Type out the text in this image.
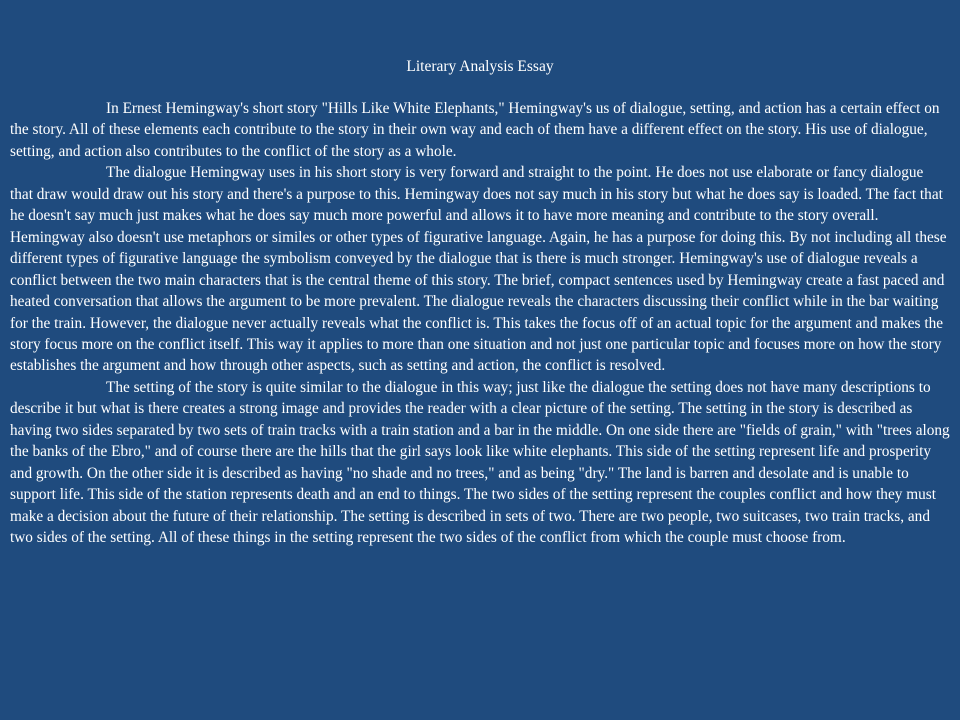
Literary Analysis Essay

In Ernest Hemingway's short story "Hills Like White Elephants," Hemingway's us of dialogue, setting, and action has a certain effect on the story. All of these elements each contribute to the story in their own way and each of them have a different effect on the story. His use of dialogue, setting, and action also contributes to the conflict of the story as a whole.

The dialogue Hemingway uses in his short story is very forward and straight to the point. He does not use elaborate or fancy dialogue that draw would draw out his story and there's a purpose to this. Hemingway does not say much in his story but what he does say is loaded. The fact that he doesn't say much just makes what he does say much more powerful and allows it to have more meaning and contribute to the story overall. Hemingway also doesn't use metaphors or similes or other types of figurative language. Again, he has a purpose for doing this. By not including all these different types of figurative language the symbolism conveyed by the dialogue that is there is much stronger. Hemingway's use of dialogue reveals a conflict between the two main characters that is the central theme of this story. The brief, compact sentences used by Hemingway create a fast paced and heated conversation that allows the argument to be more prevalent. The dialogue reveals the characters discussing their conflict while in the bar waiting for the train. However, the dialogue never actually reveals what the conflict is. This takes the focus off of an actual topic for the argument and makes the story focus more on the conflict itself. This way it applies to more than one situation and not just one particular topic and focuses more on how the story establishes the argument and how through other aspects, such as setting and action, the conflict is resolved.

The setting of the story is quite similar to the dialogue in this way; just like the dialogue the setting does not have many descriptions to describe it but what is there creates a strong image and provides the reader with a clear picture of the setting. The setting in the story is described as having two sides separated by two sets of train tracks with a train station and a bar in the middle. On one side there are "fields of grain," with "trees along the banks of the Ebro," and of course there are the hills that the girl says look like white elephants. This side of the setting represent life and prosperity and growth. On the other side it is described as having "no shade and no trees," and as being "dry." The land is barren and desolate and is unable to support life. This side of the station represents death and an end to things. The two sides of the setting represent the couples conflict and how they must make a decision about the future of their relationship. The setting is described in sets of two. There are two people, two suitcases, two train tracks, and two sides of the setting. All of these things in the setting represent the two sides of the conflict from which the couple must choose from.
